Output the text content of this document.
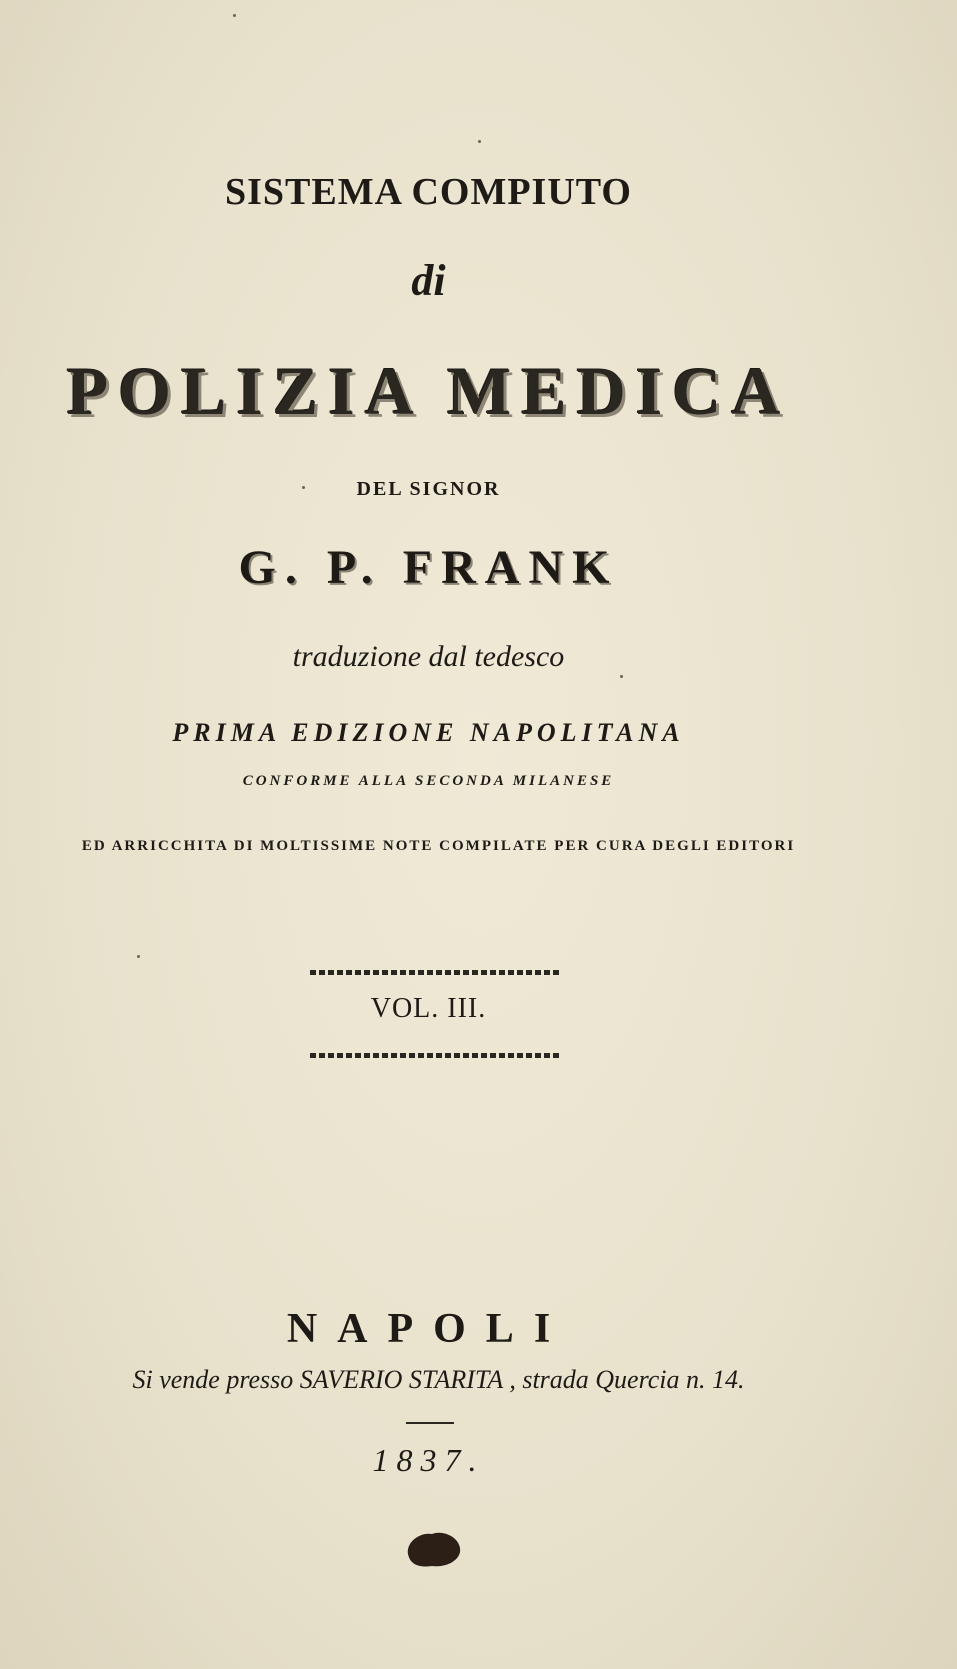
SISTEMA COMPIUTO
di
POLIZIA MEDICA
DEL SIGNOR
G. P. FRANK
traduzione dal tedesco
PRIMA EDIZIONE NAPOLITANA
CONFORME ALLA SECONDA MILANESE
ED ARRICCHITA DI MOLTISSIME NOTE COMPILATE PER CURA DEGLI EDITORI
VOL. III.
NAPOLI
Si vende presso SAVERIO STARITA , strada Quercia n. 14.
1837.
